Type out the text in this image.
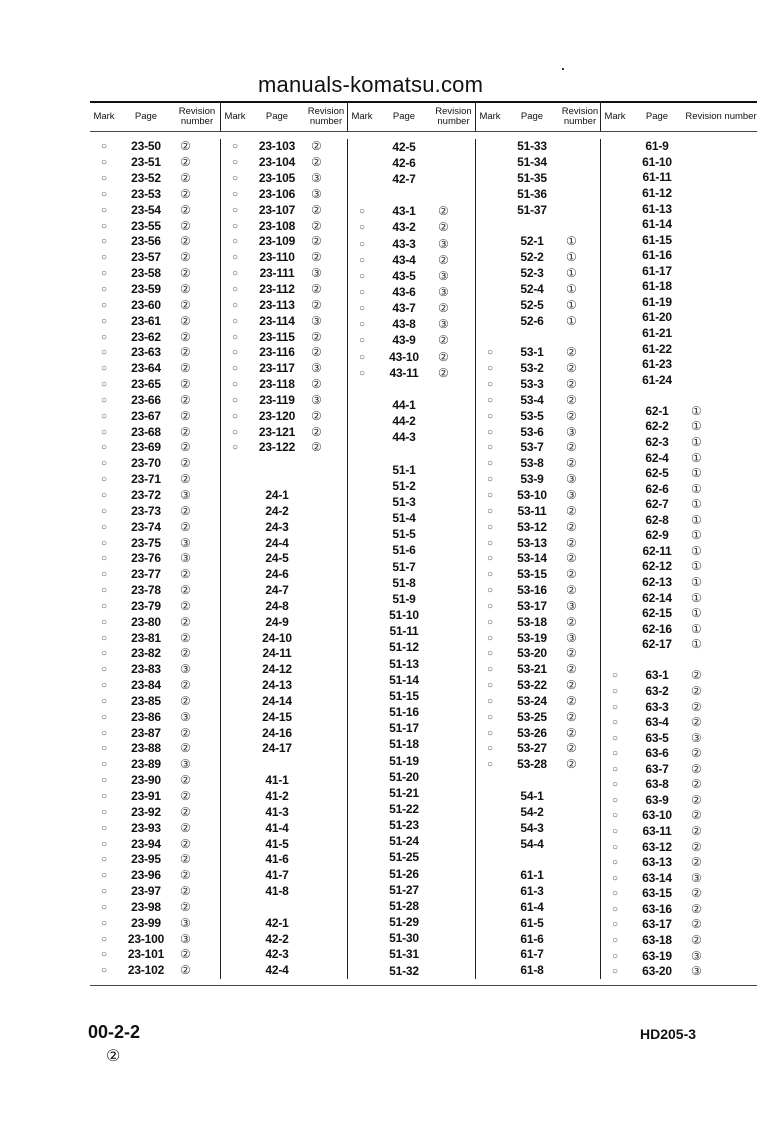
manuals-komatsu.com
Mark	Page	Revision number	Mark	Page	Revision number Mark	Page	Revision number	Mark	Page	Revision number Mark	Page	Revision number
○	23-50	②
○	23-51	②
○	23-52	②
○	23-53	②
○	23-54	②
○	23-55	②
○	23-56	②
○	23-57	②
○	23-58	②
○	23-59	②
○	23-60	②
○	23-61	②
○	23-62	②
○	23-63	②
○	23-64	②
○	23-65	②
○	23-66	②
○	23-67	②
○	23-68	②
○	23-69	②
○	23-70	②
○	23-71	②
○	23-72	③
○	23-73	②
○	23-74	②
○	23-75	③
○	23-76	③
○	23-77	②
○	23-78	②
○	23-79	②
○	23-80	②
○	23-81	②
○	23-82	②
○	23-83	③
○	23-84	②
○	23-85	②
○	23-86	③
○	23-87	②
○	23-88	②
○	23-89	③
○	23-90	②
○	23-91	②
○	23-92	②
○	23-93	②
○	23-94	②
○	23-95	②
○	23-96	②
○	23-97	②
○	23-98	②
○	23-99	③
○	23-100	③
○	23-101	②
○	23-102	②
○	23-103	②
○	23-104	②
○	23-105	③
○	23-106	③
○	23-107	②
○	23-108	②
○	23-109	②
○	23-110	②
○	23-111	③
○	23-112	②
○	23-113	②
○	23-114	③
○	23-115	②
○	23-116	②
○	23-117	③
○	23-118	②
○	23-119	③
○	23-120	②
○	23-121	②
○	23-122	②
24-1
24-2
24-3
24-4
24-5
24-6
24-7
24-8
24-9
24-10
24-11
24-12
24-13
24-14
24-15
24-16
24-17
41-1
41-2
41-3
41-4
41-5
41-6
41-7
41-8
42-1
42-2
42-3
42-4
42-5
42-6
42-7
○	43-1	②
○	43-2	②
○	43-3	③
○	43-4	②
○	43-5	③
○	43-6	③
○	43-7	②
○	43-8	③
○	43-9	②
○	43-10	②
○	43-11	②
44-1
44-2
44-3
51-1
51-2
51-3
51-4
51-5
51-6
51-7
51-8
51-9
51-10
51-11
51-12
51-13
51-14
51-15
51-16
51-17
51-18
51-19
51-20
51-21
51-22
51-23
51-24
51-25
51-26
51-27
51-28
51-29
51-30
51-31
51-32
51-33
51-34
51-35
51-36
51-37
52-1	①
52-2	①
52-3	①
52-4	①
52-5	①
52-6	①
○	53-1	②
○	53-2	②
○	53-3	②
○	53-4	②
○	53-5	②
○	53-6	③
○	53-7	②
○	53-8	②
○	53-9	③
○	53-10	③
○	53-11	②
○	53-12	②
○	53-13	②
○	53-14	②
○	53-15	②
○	53-16	②
○	53-17	③
○	53-18	②
○	53-19	③
○	53-20	②
○	53-21	②
○	53-22	②
○	53-24	②
○	53-25	②
○	53-26	②
○	53-27	②
○	53-28	②
54-1
54-2
54-3
54-4
61-1
61-3
61-4
61-5
61-6
61-7
61-8
61-9
61-10
61-11
61-12
61-13
61-14
61-15
61-16
61-17
61-18
61-19
61-20
61-21
61-22
61-23
61-24
62-1	①
62-2	①
62-3	①
62-4	①
62-5	①
62-6	①
62-7	①
62-8	①
62-9	①
62-11	①
62-12	①
62-13	①
62-14	①
62-15	①
62-16	①
62-17	①
○	63-1	②
○	63-2	②
○	63-3	②
○	63-4	②
○	63-5	③
○	63-6	②
○	63-7	②
○	63-8	②
○	63-9	②
○	63-10	②
○	63-11	②
○	63-12	②
○	63-13	②
○	63-14	③
○	63-15	②
○	63-16	②
○	63-17	②
○	63-18	②
○	63-19	③
○	63-20	③
00-2-2
②
HD205-3
